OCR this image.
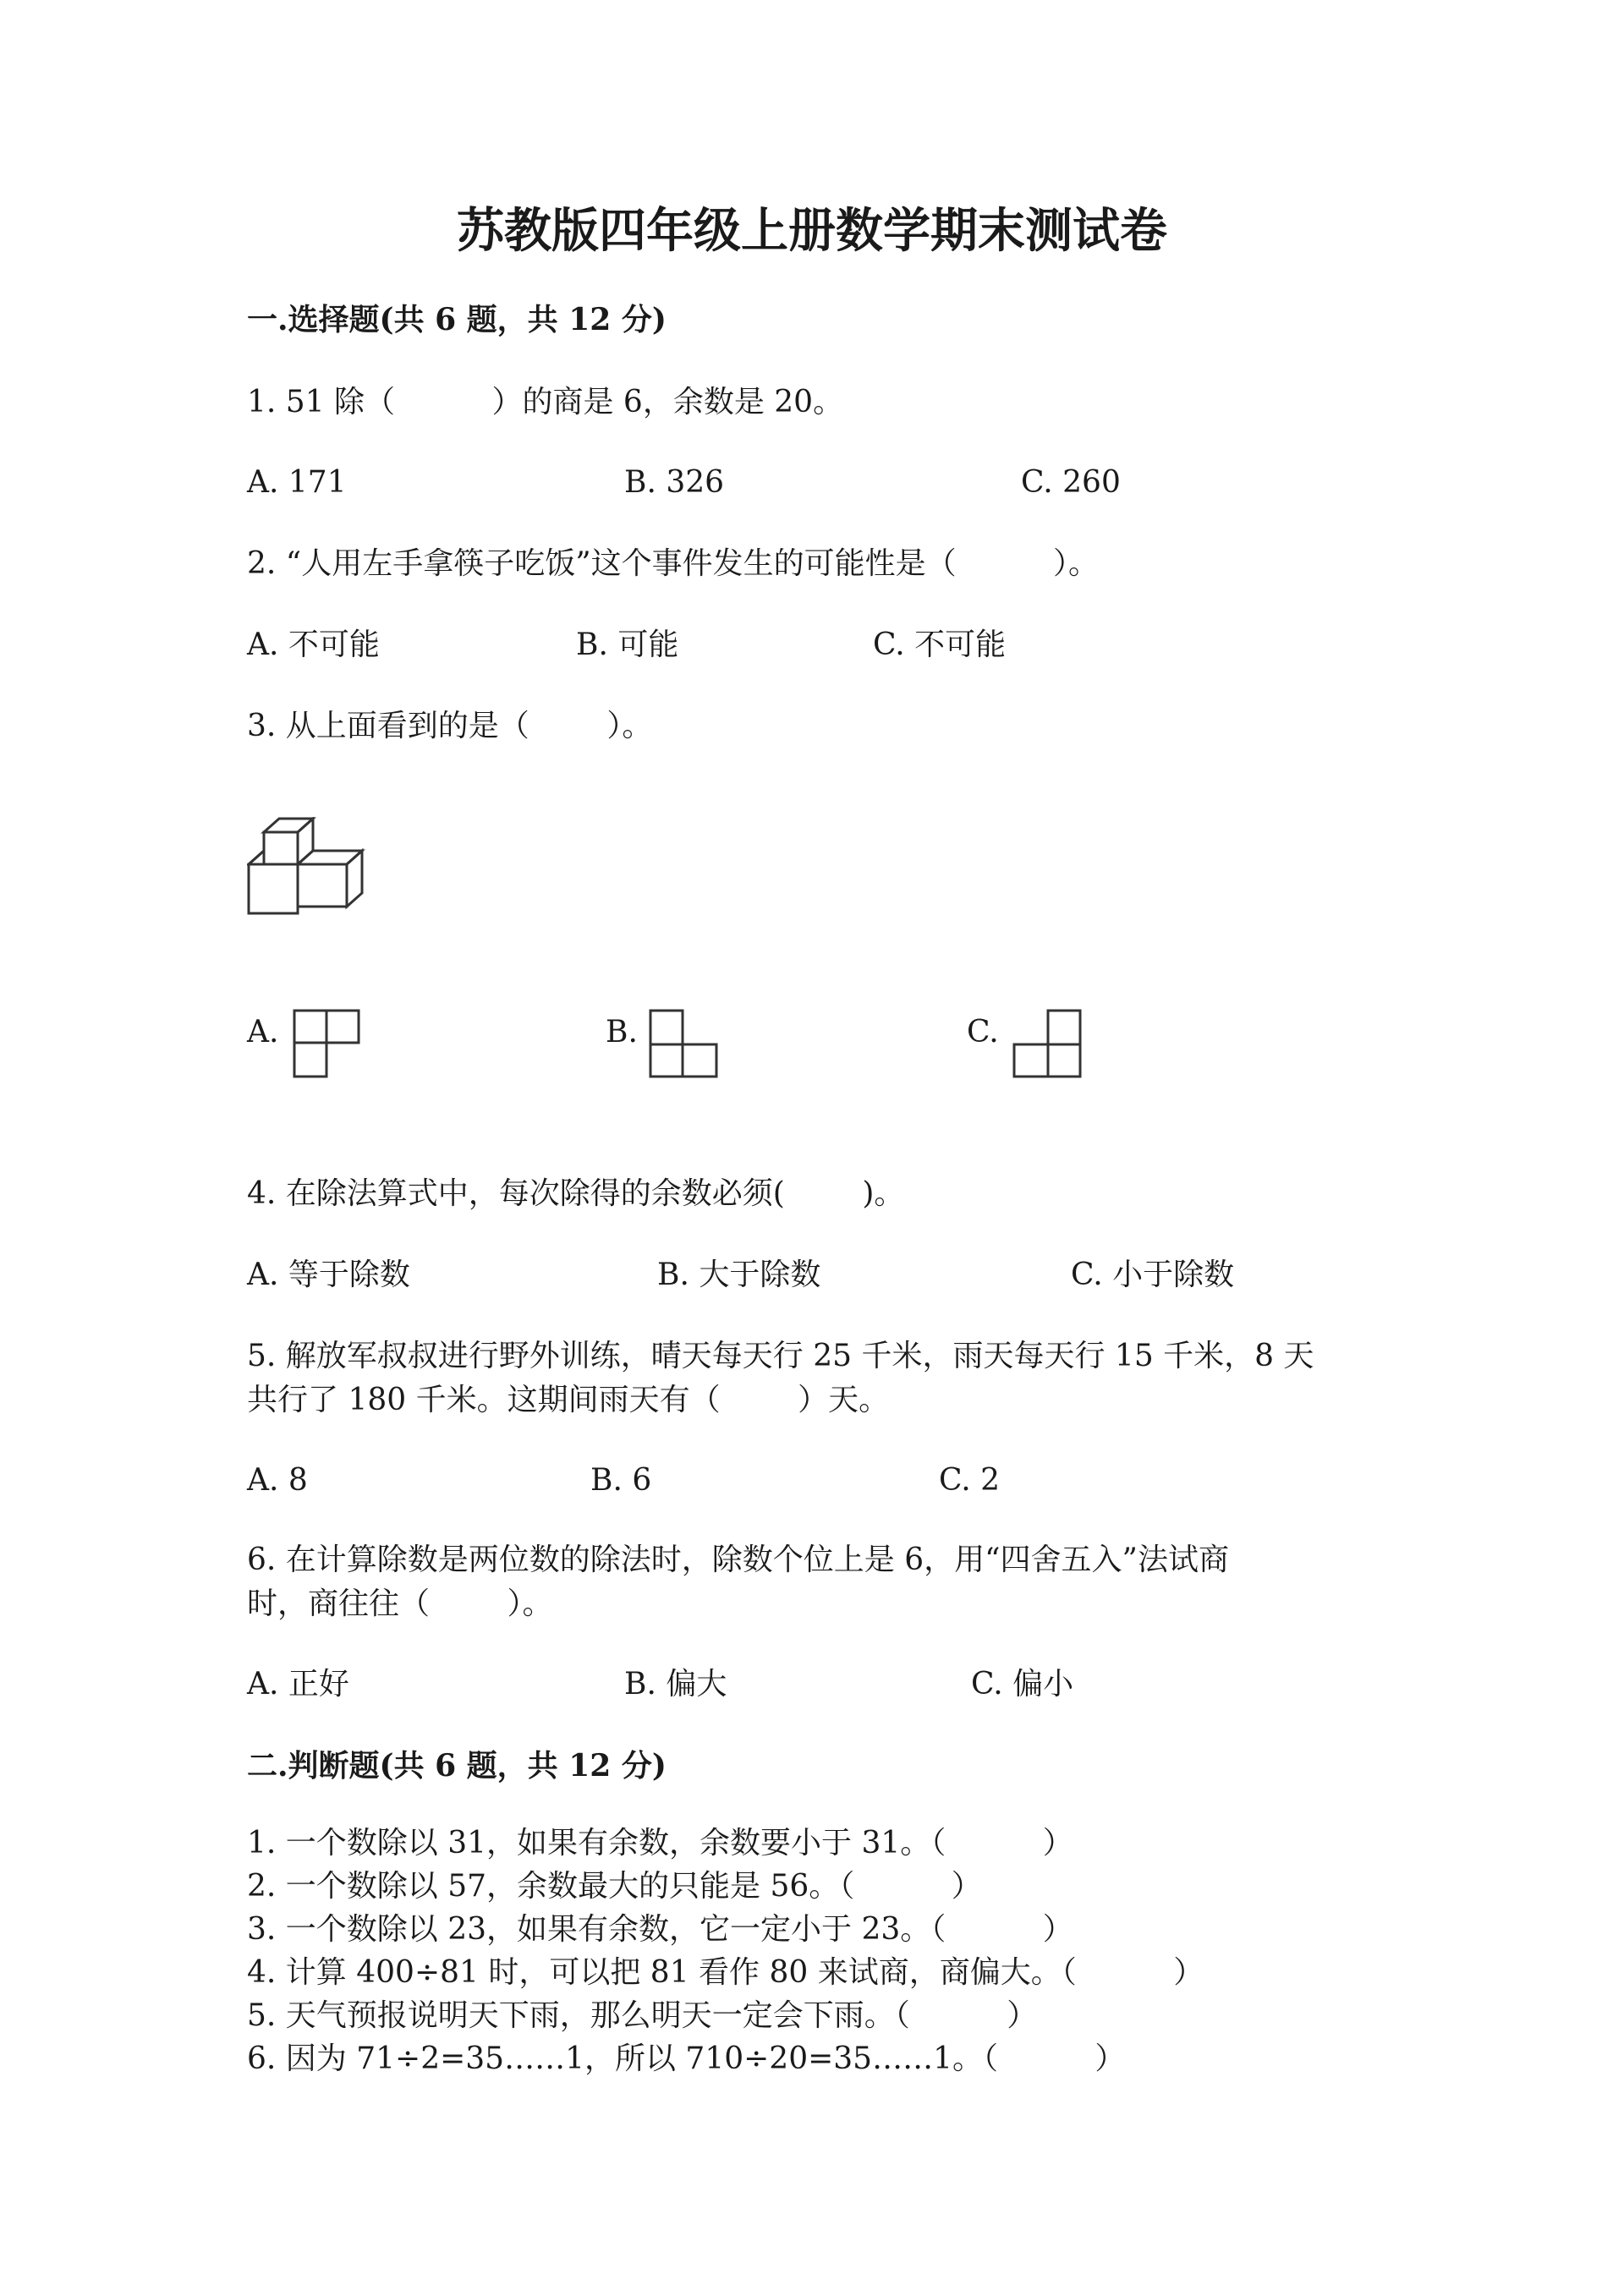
苏教版四年级上册数学期末测试卷
一.选择题(共 6 题，共 12 分)
1. 51 除（          ）的商是 6，余数是 20。
A. 171	B. 326	C. 260
2. “人用左手拿筷子吃饭”这个事件发生的可能性是（          ）。
A. 不可能	B. 可能	C. 不可能
3. 从上面看到的是（        ）。
A.	B.	C.
4. 在除法算式中，每次除得的余数必须(        )。
A. 等于除数	B. 大于除数	C. 小于除数
5. 解放军叔叔进行野外训练，晴天每天行 25 千米，雨天每天行 15 千米，8 天
共行了 180 千米。这期间雨天有（        ）天。
A. 8	B. 6	C. 2
6. 在计算除数是两位数的除法时，除数个位上是 6，用“四舍五入”法试商
时，商往往（        ）。
A. 正好	B. 偏大	C. 偏小
二.判断题(共 6 题，共 12 分)
1. 一个数除以 31，如果有余数，余数要小于 31。（          ）
2. 一个数除以 57，余数最大的只能是 56。（          ）
3. 一个数除以 23，如果有余数，它一定小于 23。（          ）
4. 计算 400÷81 时，可以把 81 看作 80 来试商，商偏大。（          ）
5. 天气预报说明天下雨，那么明天一定会下雨。（          ）
6. 因为 71÷2=35……1，所以 710÷20=35……1。（          ）
